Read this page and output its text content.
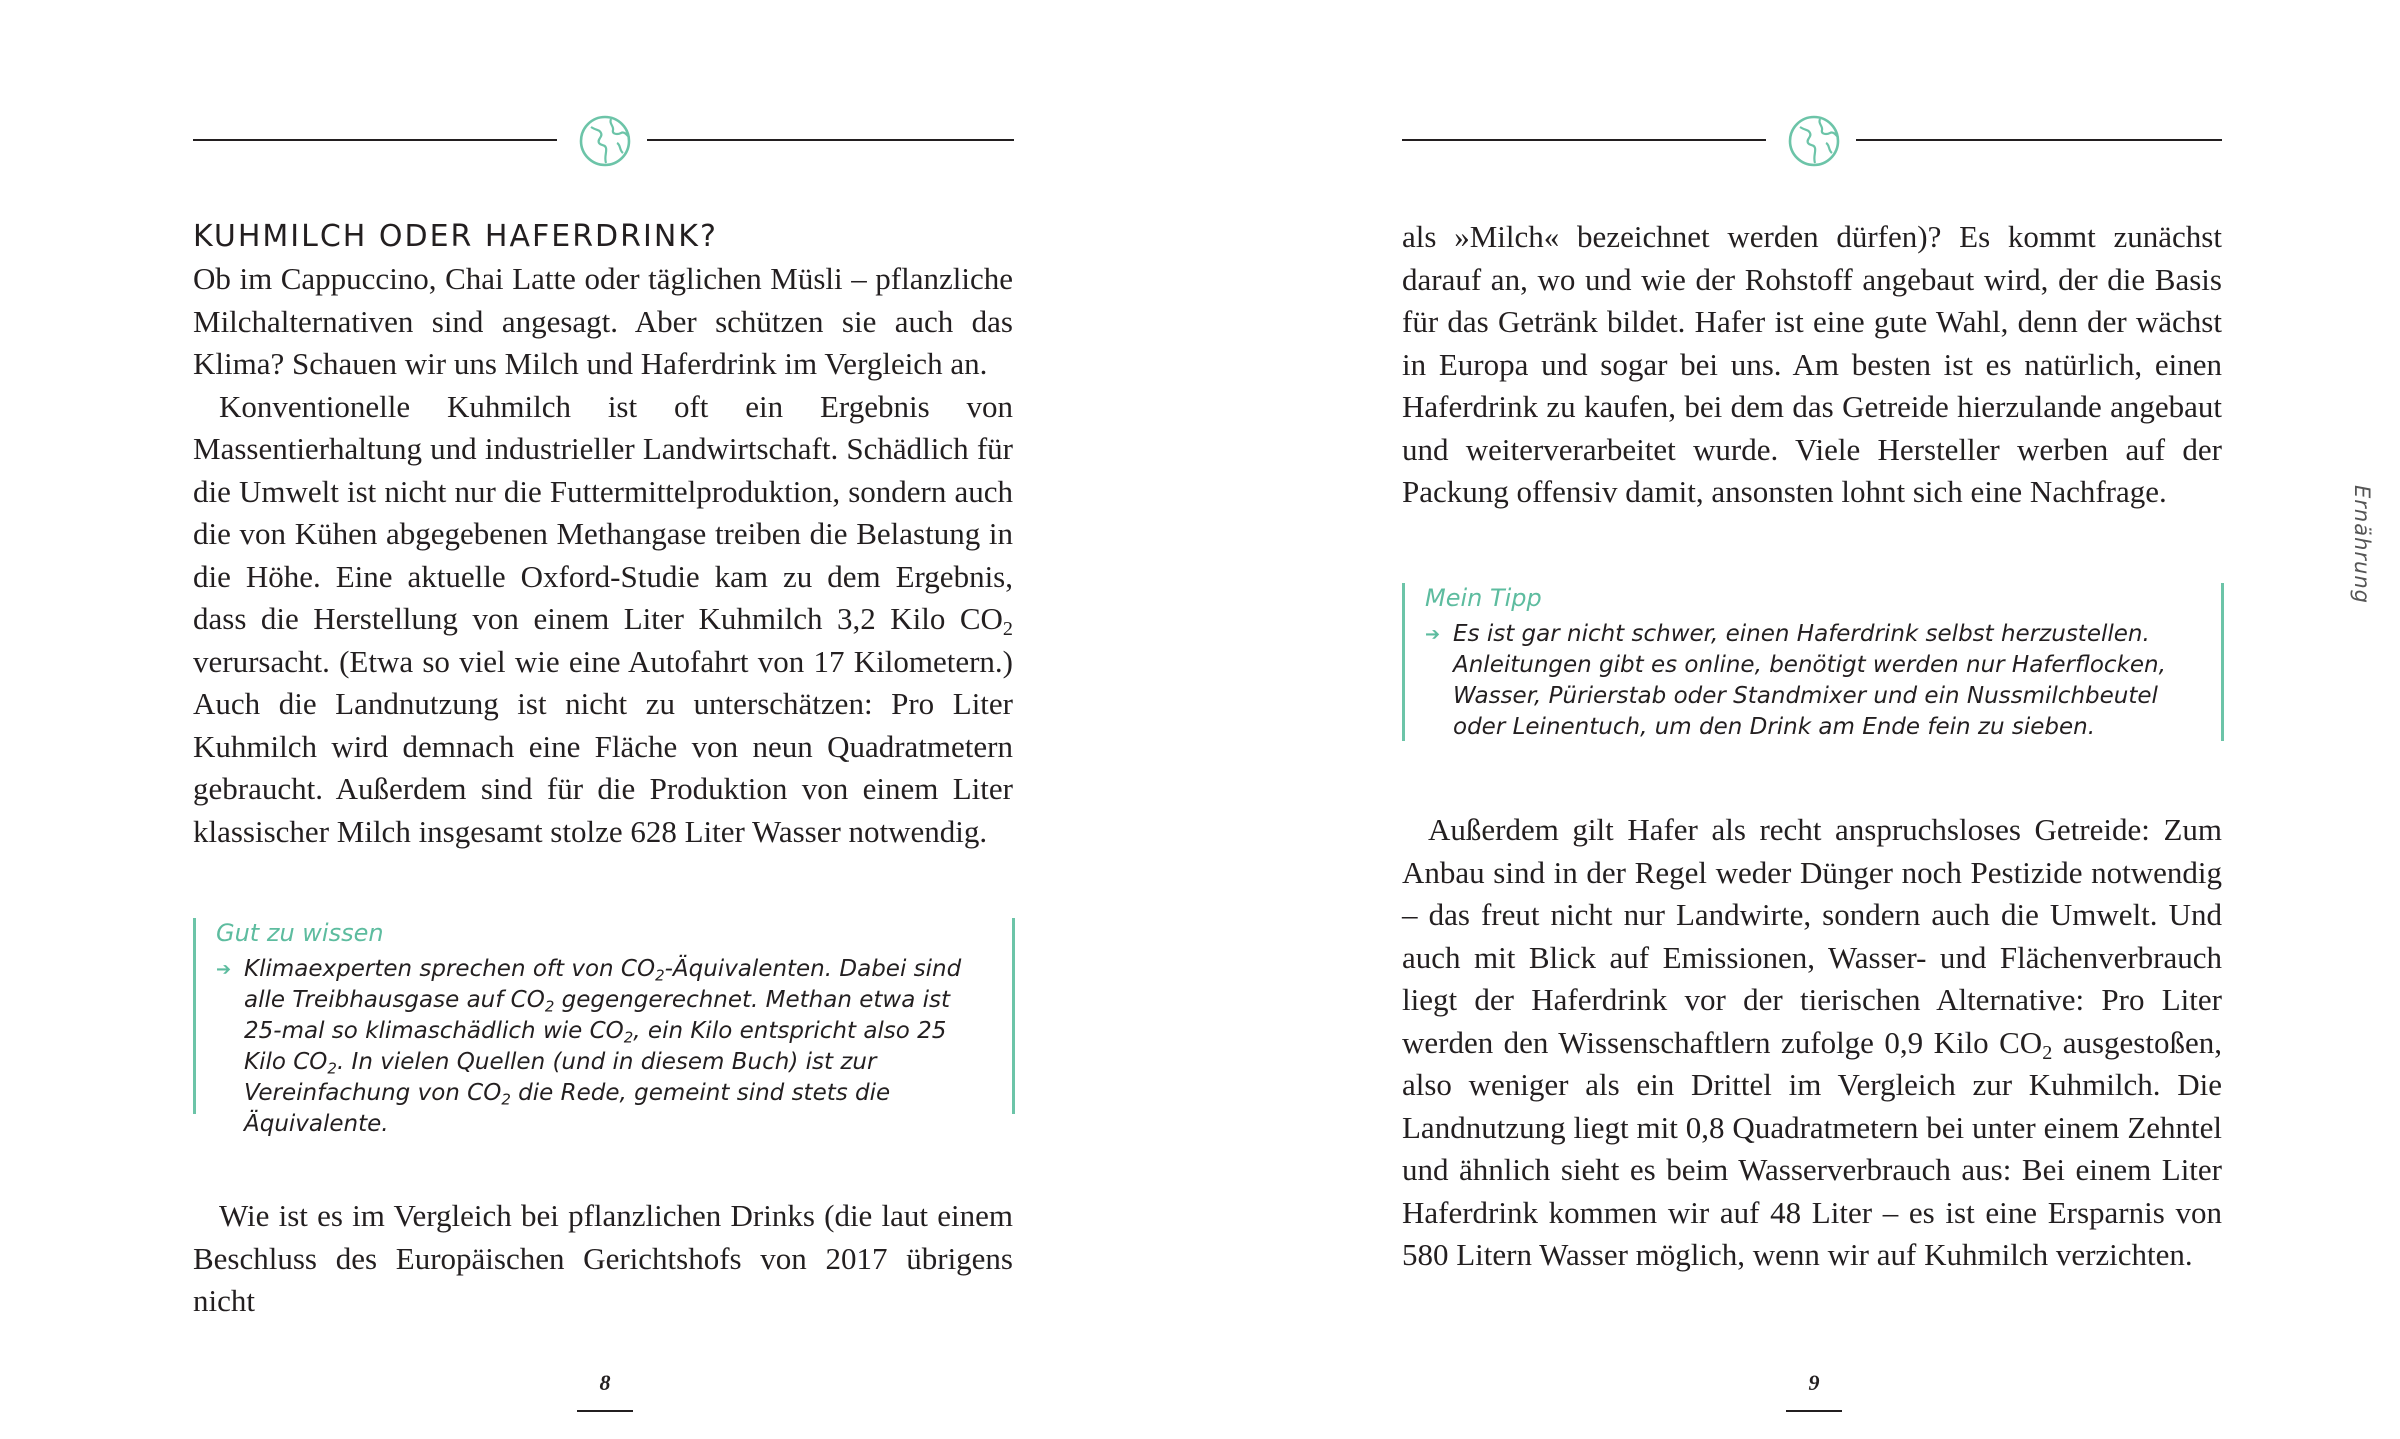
KUHMILCH ODER HAFERDRINK?

Ob im Cappuccino, Chai Latte oder täglichen Müsli – pflanzliche Milchalternativen sind angesagt. Aber schützen sie auch das Klima? Schauen wir uns Milch und Haferdrink im Vergleich an.

Konventionelle Kuhmilch ist oft ein Ergebnis von Massentierhaltung und industrieller Landwirtschaft. Schädlich für die Umwelt ist nicht nur die Futtermittelproduktion, sondern auch die von Kühen abgegebenen Methangase treiben die Belastung in die Höhe. Eine aktuelle Oxford-Studie kam zu dem Ergebnis, dass die Herstellung von einem Liter Kuhmilch 3,2 Kilo $CO_2$ verursacht. (Etwa so viel wie eine Autofahrt von 17 Kilometern.) Auch die Landnutzung ist nicht zu unterschätzen: Pro Liter Kuhmilch wird demnach eine Fläche von neun Quadratmetern gebraucht. Außerdem sind für die Produktion von einem Liter klassischer Milch insgesamt stolze 628 Liter Wasser notwendig.

Gut zu wissen
➔ Klimaexperten sprechen oft von $CO_2$-Äquivalenten. Dabei sind alle Treibhausgase auf $CO_2$ gegengerechnet. Methan etwa ist 25-mal so klimaschädlich wie $CO_2$, ein Kilo entspricht also 25 Kilo $CO_2$. In vielen Quellen (und in diesem Buch) ist zur Vereinfachung von $CO_2$ die Rede, gemeint sind stets die Äquivalente.

Wie ist es im Vergleich bei pflanzlichen Drinks (die laut einem Beschluss des Europäischen Gerichtshofs von 2017 übrigens nicht

8

als »Milch« bezeichnet werden dürfen)? Es kommt zunächst darauf an, wo und wie der Rohstoff angebaut wird, der die Basis für das Getränk bildet. Hafer ist eine gute Wahl, denn der wächst in Europa und sogar bei uns. Am besten ist es natürlich, einen Haferdrink zu kaufen, bei dem das Getreide hierzulande angebaut und weiterverarbeitet wurde. Viele Hersteller werben auf der Packung offensiv damit, ansonsten lohnt sich eine Nachfrage.

Mein Tipp
➔ Es ist gar nicht schwer, einen Haferdrink selbst herzustellen. Anleitungen gibt es online, benötigt werden nur Haferflocken, Wasser, Pürierstab oder Standmixer und ein Nussmilchbeutel oder Leinentuch, um den Drink am Ende fein zu sieben.

Außerdem gilt Hafer als recht anspruchsloses Getreide: Zum Anbau sind in der Regel weder Dünger noch Pestizide notwendig – das freut nicht nur Landwirte, sondern auch die Umwelt. Und auch mit Blick auf Emissionen, Wasser- und Flächenverbrauch liegt der Haferdrink vor der tierischen Alternative: Pro Liter werden den Wissenschaftlern zufolge 0,9 Kilo $CO_2$ ausgestoßen, also weniger als ein Drittel im Vergleich zur Kuhmilch. Die Landnutzung liegt mit 0,8 Quadratmetern bei unter einem Zehntel und ähnlich sieht es beim Wasserverbrauch aus: Bei einem Liter Haferdrink kommen wir auf 48 Liter – es ist eine Ersparnis von 580 Litern Wasser möglich, wenn wir auf Kuhmilch verzichten.

9
Ernährung
